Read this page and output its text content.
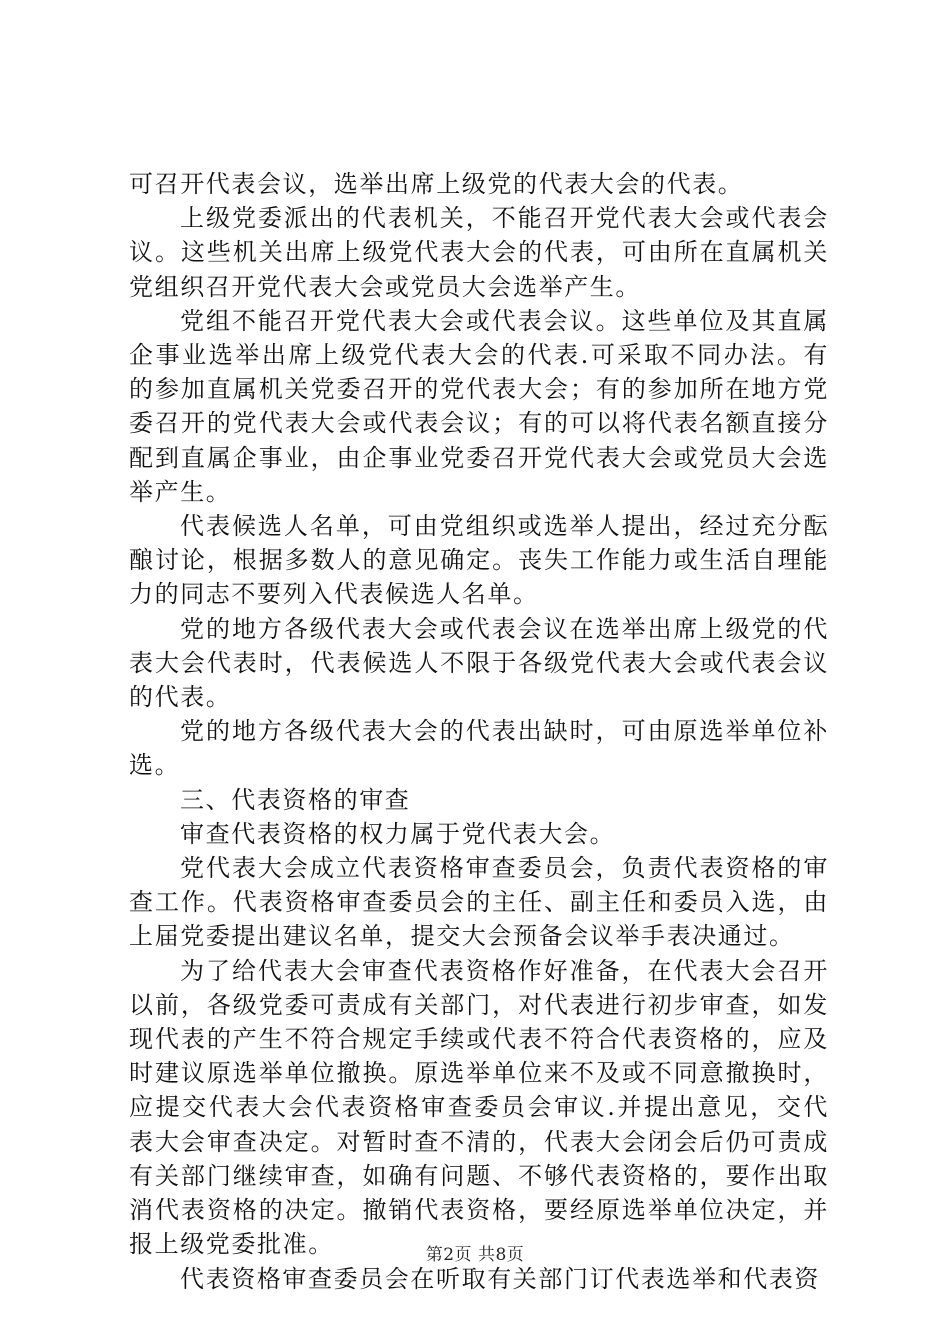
可召开代表会议，选举出席上级党的代表大会的代表。

上级党委派出的代表机关，不能召开党代表大会或代表会议。这些机关出席上级党代表大会的代表，可由所在直属机关党组织召开党代表大会或党员大会选举产生。

党组不能召开党代表大会或代表会议。这些单位及其直属企事业选举出席上级党代表大会的代表.可采取不同办法。有的参加直属机关党委召开的党代表大会；有的参加所在地方党委召开的党代表大会或代表会议；有的可以将代表名额直接分配到直属企事业，由企事业党委召开党代表大会或党员大会选举产生。

代表候选人名单，可由党组织或选举人提出，经过充分酝酿讨论，根据多数人的意见确定。丧失工作能力或生活自理能力的同志不要列入代表候选人名单。

党的地方各级代表大会或代表会议在选举出席上级党的代表大会代表时，代表候选人不限于各级党代表大会或代表会议的代表。

党的地方各级代表大会的代表出缺时，可由原选举单位补选。

三、代表资格的审查

审查代表资格的权力属于党代表大会。

党代表大会成立代表资格审查委员会，负责代表资格的审查工作。代表资格审查委员会的主任、副主任和委员入选，由上届党委提出建议名单，提交大会预备会议举手表决通过。

为了给代表大会审查代表资格作好准备，在代表大会召开以前，各级党委可责成有关部门，对代表进行初步审查，如发现代表的产生不符合规定手续或代表不符合代表资格的，应及时建议原选举单位撤换。原选举单位来不及或不同意撤换时，应提交代表大会代表资格审查委员会审议.并提出意见，交代表大会审查决定。对暂时查不清的，代表大会闭会后仍可责成有关部门继续审查，如确有问题、不够代表资格的，要作出取消代表资格的决定。撤销代表资格，要经原选举单位决定，并报上级党委批准。

代表资格审查委员会在听取有关部门订代表选举和代表资

第2页 共8页
